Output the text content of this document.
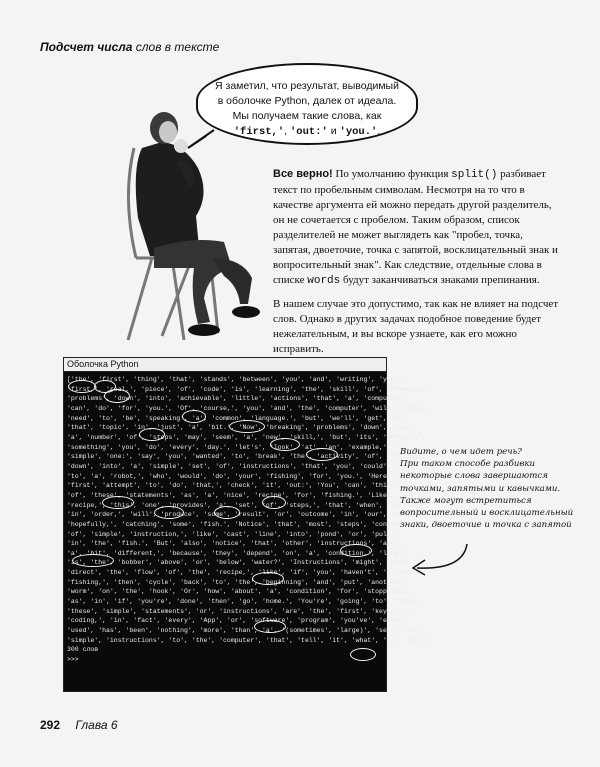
Подсчет числа слов в тексте
Я заметил, что результат, выводимый
в оболочке Python, далек от идеала.
Мы получаем такие слова, как
'first,', 'out:' и 'you.'.

Все верно! По умолчанию функция split() разбивает текст по пробельным символам. Несмотря на то что в качестве аргумента ей можно передать другой разделитель, он не сочетается с пробелом. Таким образом, список разделителей не может выглядеть как "пробел, точка, запятая, двоеточие, точка с запятой, восклицательный знак и вопросительный знак". Как следствие, отдельные слова в списке words будут заканчиваться знаками препинания.

В нашем случае это допустимо, так как не влияет на подсчет слов. Однако в других задачах подобное поведение будет нежелательным, и вы вскоре узнаете, как его можно исправить.

Оболочка Python
['the', 'first', 'thing', 'that', 'stands', 'between', 'you', 'and', 'writing', 'your',
'first,', 'real,', 'piece', 'of', 'code', 'is', 'learning', 'the', 'skill', 'of', 'breaking',
'problems', 'down', 'into', 'achievable', 'little', 'actions', 'that', 'a', 'computer',
'can', 'do', 'for', 'you.', 'Of', 'course,', 'you', 'and', 'the', 'computer', 'will', 'also',
'need', 'to', 'be', 'speaking', 'a', 'common', 'language.', 'but', 'we'll', 'get', 'to',
'that', 'topic', 'in', 'just', 'a', 'bit.', 'Now', 'breaking', 'problems', 'down', 'into',
'a', 'number', 'of', 'steps', 'may', 'seem', 'a', 'new', 'skill,', 'but', 'its', 'actually',
'something', 'you', 'do', 'every', 'day.', 'let's', 'look', 'at', 'an', 'example,', 'a',
'simple', 'one:', 'say', 'you', 'wanted', 'to', 'break', 'the', 'activity', 'of', 'fishing',
'down', 'into', 'a', 'simple', 'set', 'of', 'instructions', 'that', 'you', 'could', 'hand',
'to', 'a', 'robot,', 'who', 'would', 'do', 'your', 'fishing', 'for', 'you.', 'Here's', 'our',
'first', 'attempt', 'to', 'do', 'that,', 'check', 'it', 'out:', 'You', 'can', 'think',
'of', 'these', 'statements', 'as', 'a', 'nice', 'recipe', 'for', 'fishing.', 'Like', 'any',
'recipe,', 'this', 'one', 'provides', 'a', 'set', 'of', 'steps,', 'that', 'when', 'followed',
'in', 'order,', 'will', 'produce', 'some', 'result', 'or', 'outcome', 'in', 'our', 'case,',
'hopefully,', 'catching', 'some', 'fish.', 'Notice', 'that', 'most', 'steps', 'consists',
'of', 'simple', 'instruction,', 'like', 'cast', 'line', 'into', 'pond', 'or', 'pull',
'in', 'the', 'fish.', 'But', 'also', 'notice', 'that', 'other', 'instructions', 'are',
'a', 'bit', 'different,', 'because', 'they', 'depend', 'on', 'a', 'condition,', 'like',
'is', 'the', 'bobber', 'above', 'or', 'below', 'water?', 'Instructions', 'might', 'also',
'direct', 'the', 'flow', 'of', 'the', 'recipe,', 'like', 'if', 'you', 'haven't', 'finished',
'fishing,', 'then', 'cycle', 'back', 'to', 'the', 'beginning', 'and', 'put', 'another',
'worm', 'on', 'the', 'hook', 'Or', 'how', 'about', 'a', 'condition', 'for', 'stopping,',
'as', 'in', 'if', 'you're', 'done', 'then', 'go', 'home.', 'You're', 'going', 'to', 'find',
'these', 'simple', 'statements', 'or', 'instructions', 'are', 'the', 'first', 'key', 'to',
'coding,', 'in', 'fact', 'every', 'App', 'or', 'software', 'program', 'you've', 'ever',
'used', 'has', 'been', 'nothing', 'more', 'than', 'a', '(sometimes', 'large)', 'set', 'of',
'simple', 'instructions', 'to', 'the', 'computer', 'that', 'tell', 'it', 'what', 'to', 'do.']
300 слов
>>>
Видите, о чем идет речь?
При таком способе разбивки
некоторые слова завершаются
точками, запятыми и кавычками.
Также могут встретиться
вопросительный и восклицательный
знаки, двоеточие и точка с запятой
292 Глава 6
